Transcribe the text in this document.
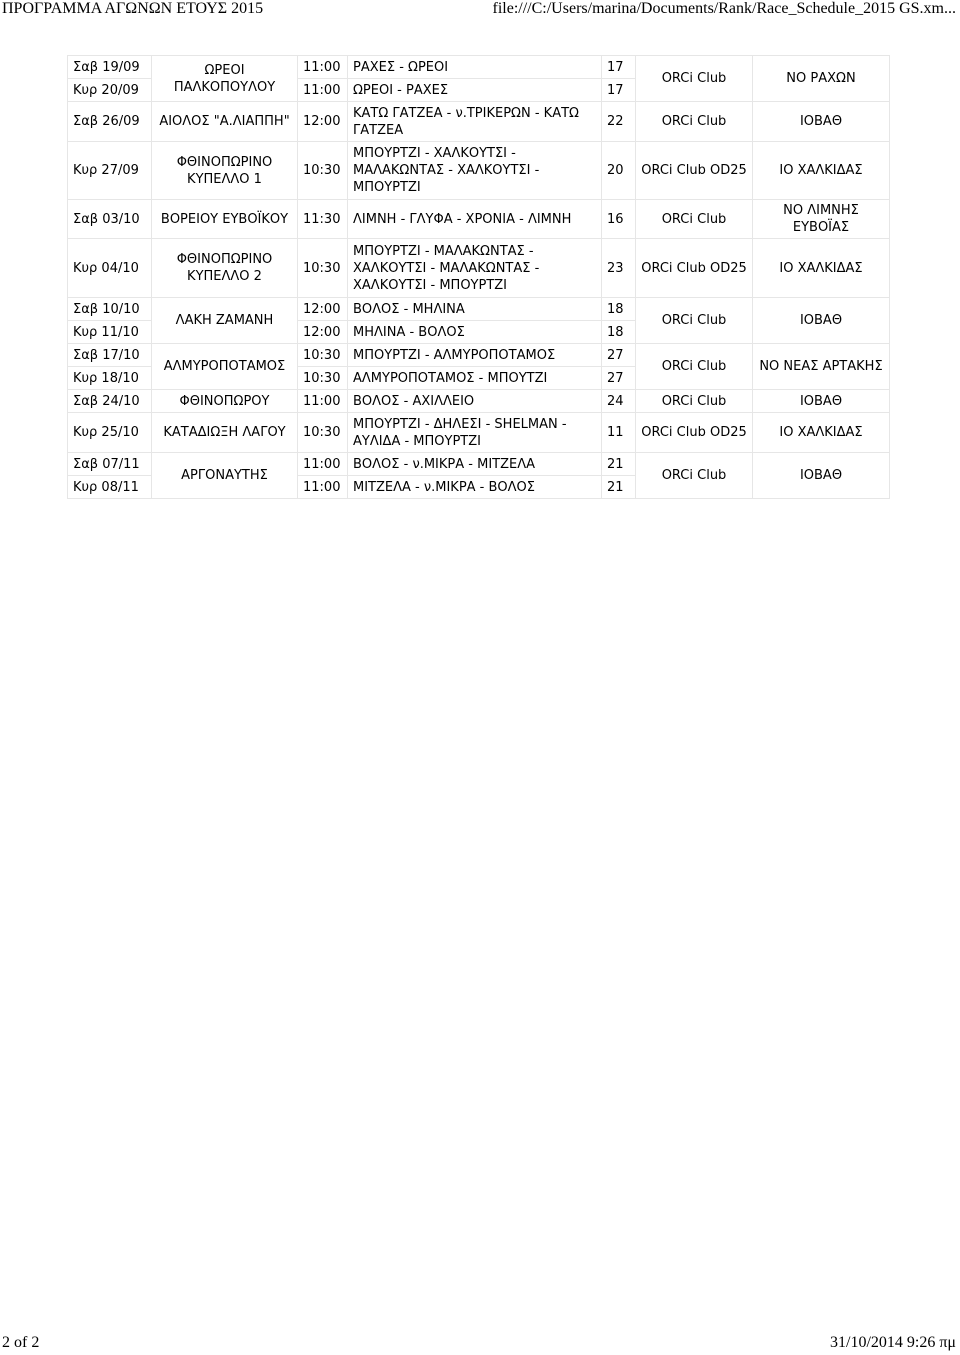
ΠΡΟΓΡΑΜΜΑ ΑΓΩΝΩΝ ΕΤΟΥΣ 2015	file:///C:/Users/marina/Documents/Rank/Race_Schedule_2015 GS.xm...
Σαβ 19/09	ΩΡΕΟΙ ΠΑΛΚΟΠΟΥΛΟΥ	11:00	ΡΑΧΕΣ - ΩΡΕΟΙ	17	ORCi Club	ΝΟ ΡΑΧΩΝ
Κυρ 20/09		11:00	ΩΡΕΟΙ - ΡΑΧΕΣ	17		
Σαβ 26/09	ΑΙΟΛΟΣ "Α.ΛΙΑΠΠΗ"	12:00	ΚΑΤΩ ΓΑΤΖΕΑ - ν.ΤΡΙΚΕΡΩΝ - ΚΑΤΩ ΓΑΤΖΕΑ	22	ORCi Club	ΙΟΒΑΘ
Κυρ 27/09	ΦΘΙΝΟΠΩΡΙΝΟ ΚΥΠΕΛΛΟ 1	10:30	ΜΠΟΥΡΤΖΙ - ΧΑΛΚΟΥΤΣΙ - ΜΑΛΑΚΩΝΤΑΣ - ΧΑΛΚΟΥΤΣΙ - ΜΠΟΥΡΤΖΙ	20	ORCi Club OD25	ΙΟ ΧΑΛΚΙΔΑΣ
Σαβ 03/10	ΒΟΡΕΙΟΥ ΕΥΒΟΪΚΟΥ	11:30	ΛΙΜΝΗ - ΓΛΥΦΑ - ΧΡΟΝΙΑ - ΛΙΜΝΗ	16	ORCi Club	ΝΟ ΛΙΜΝΗΣ ΕΥΒΟΪΑΣ
Κυρ 04/10	ΦΘΙΝΟΠΩΡΙΝΟ ΚΥΠΕΛΛΟ 2	10:30	ΜΠΟΥΡΤΖΙ - ΜΑΛΑΚΩΝΤΑΣ - ΧΑΛΚΟΥΤΣΙ - ΜΑΛΑΚΩΝΤΑΣ - ΧΑΛΚΟΥΤΣΙ - ΜΠΟΥΡΤΖΙ	23	ORCi Club OD25	ΙΟ ΧΑΛΚΙΔΑΣ
Σαβ 10/10	ΛΑΚΗ ΖΑΜΑΝΗ	12:00	ΒΟΛΟΣ - ΜΗΛΙΝΑ	18	ORCi Club	ΙΟΒΑΘ
Κυρ 11/10		12:00	ΜΗΛΙΝΑ - ΒΟΛΟΣ	18		
Σαβ 17/10	ΑΛΜΥΡΟΠΟΤΑΜΟΣ	10:30	ΜΠΟΥΡΤΖΙ - ΑΛΜΥΡΟΠΟΤΑΜΟΣ	27	ORCi Club	ΝΟ ΝΕΑΣ ΑΡΤΑΚΗΣ
Κυρ 18/10		10:30	ΑΛΜΥΡΟΠΟΤΑΜΟΣ - ΜΠΟΥΤΖΙ	27		
Σαβ 24/10	ΦΘΙΝΟΠΩΡΟΥ	11:00	ΒΟΛΟΣ - ΑΧΙΛΛΕΙΟ	24	ORCi Club	ΙΟΒΑΘ
Κυρ 25/10	ΚΑΤΑΔΙΩΞΗ ΛΑΓΟΥ	10:30	ΜΠΟΥΡΤΖΙ - ΔΗΛΕΣΙ - SHELMAN - ΑΥΛΙΔΑ - ΜΠΟΥΡΤΖΙ	11	ORCi Club OD25	ΙΟ ΧΑΛΚΙΔΑΣ
Σαβ 07/11	ΑΡΓΟΝΑΥΤΗΣ	11:00	ΒΟΛΟΣ - ν.ΜΙΚΡΑ - ΜΙΤΖΕΛΑ	21	ORCi Club	ΙΟΒΑΘ
Κυρ 08/11		11:00	ΜΙΤΖΕΛΑ - ν.ΜΙΚΡΑ - ΒΟΛΟΣ	21		
2 of 2	31/10/2014 9:26 πμ
